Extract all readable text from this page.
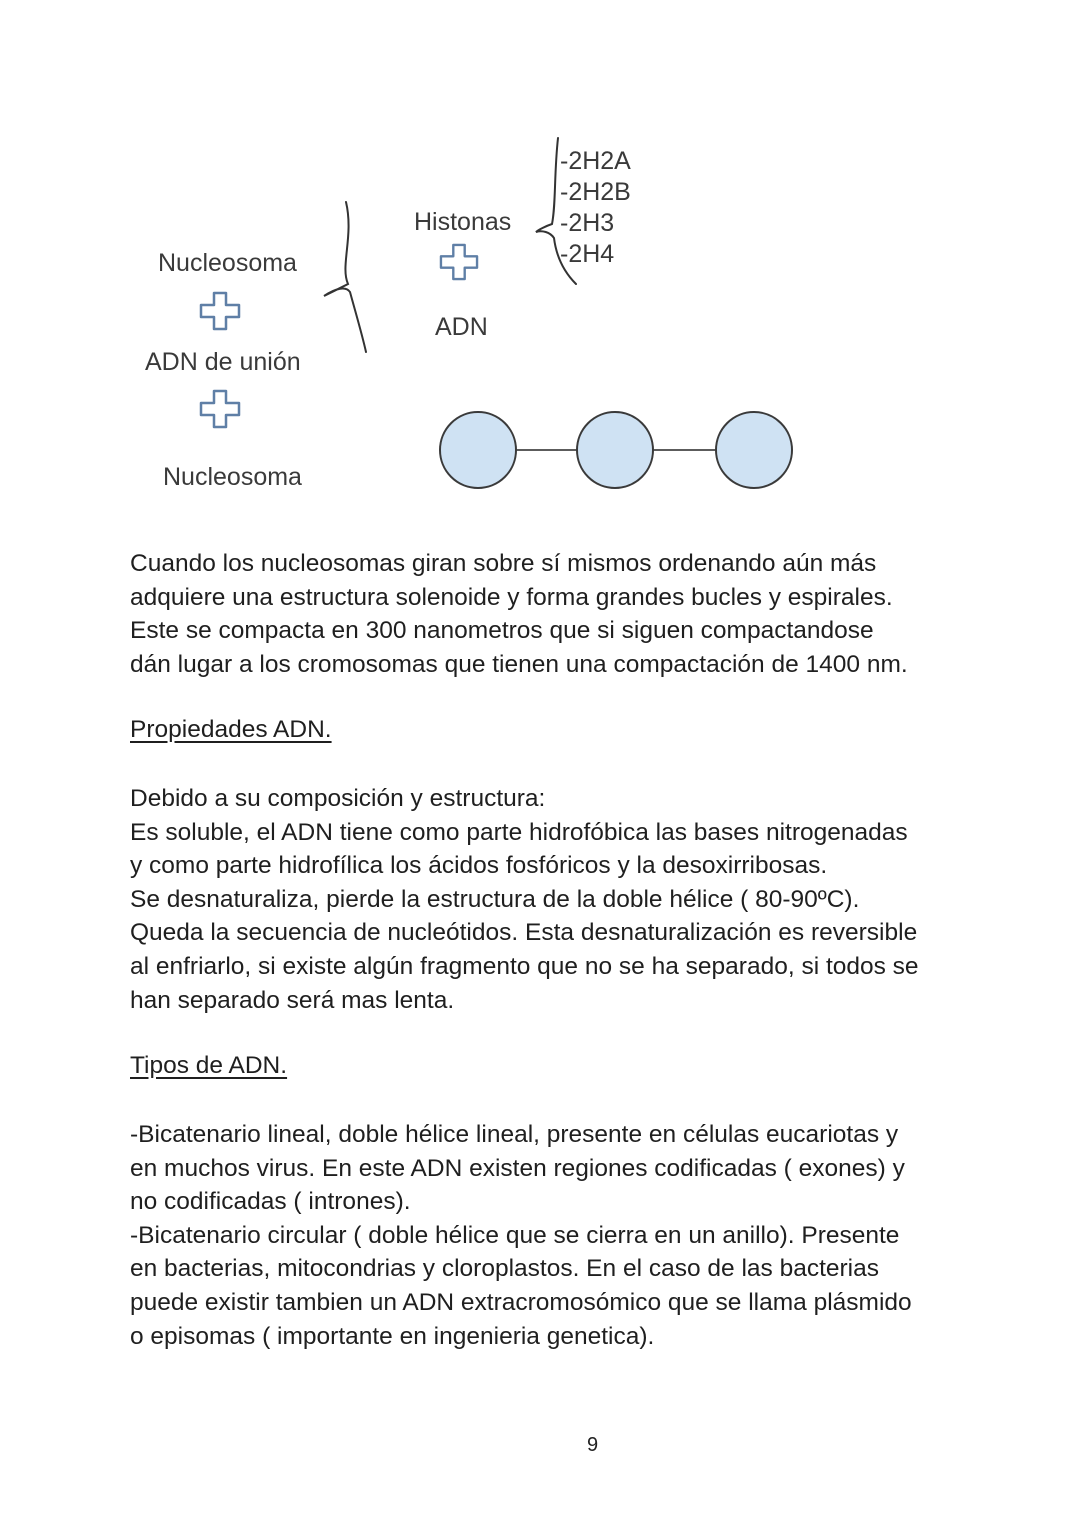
Nucleosoma
ADN de unión
Nucleosoma
Histonas
ADN
-2H2A
-2H2B
-2H3
-2H4

Cuando los nucleosomas giran sobre sí mismos ordenando aún más

adquiere una estructura solenoide y forma grandes bucles y espirales.

Este se compacta en 300 nanometros que si siguen compactandose

dán lugar a los cromosomas que tienen una compactación de 1400 nm.

Propiedades ADN.

Debido a su composición y estructura:

Es soluble, el ADN tiene como parte hidrofóbica las bases nitrogenadas

y como parte hidrofílica los ácidos fosfóricos y la desoxirribosas.

Se desnaturaliza, pierde la estructura de la doble hélice ( 80-90ºC).

Queda la secuencia de nucleótidos. Esta desnaturalización es reversible

al enfriarlo, si existe algún fragmento que no se ha separado, si todos se

han separado será mas lenta.

Tipos de ADN.

-Bicatenario lineal, doble hélice lineal, presente en células eucariotas y

en muchos virus. En este ADN existen regiones codificadas ( exones) y

no codificadas ( intrones).

-Bicatenario circular ( doble hélice que se cierra en un anillo). Presente

en bacterias, mitocondrias y cloroplastos. En el caso de las bacterias

puede existir tambien un ADN extracromosómico que se llama plásmido

o episomas ( importante en ingenieria genetica).

9
